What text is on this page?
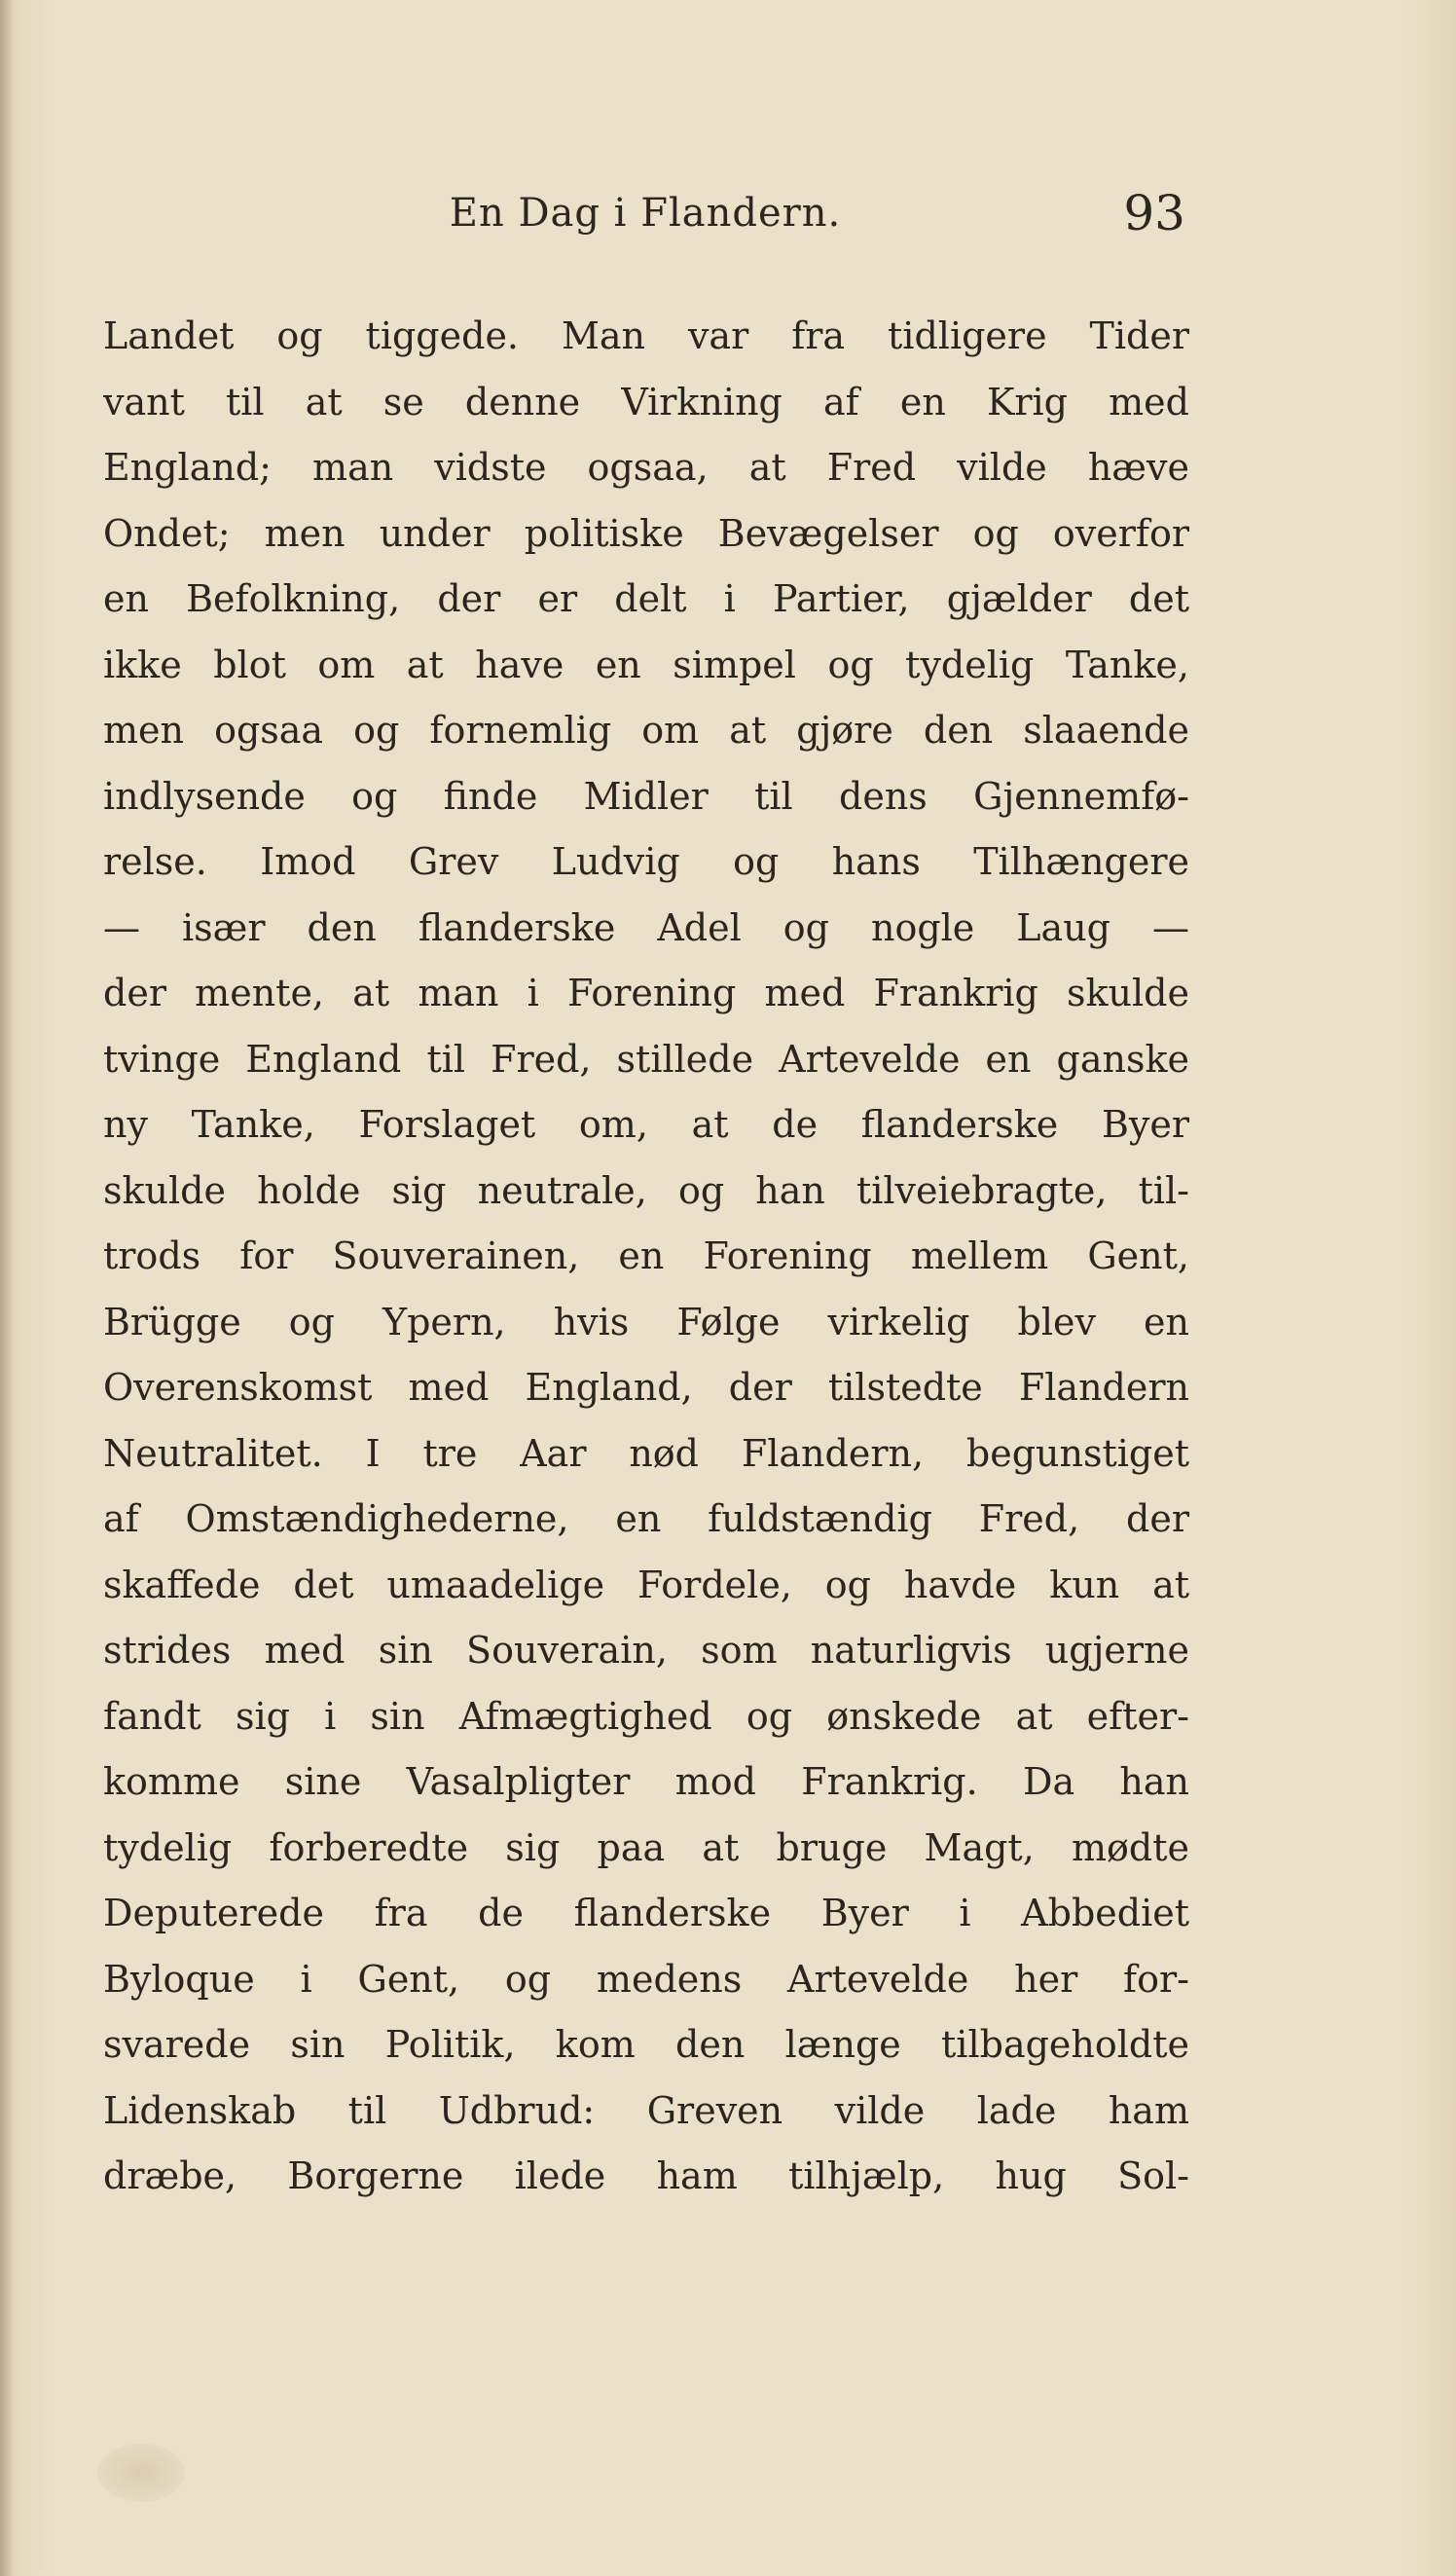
En Dag i Flandern.	93
Landet og tiggede. Man var fra tidligere Tider
vant til at se denne Virkning af en Krig med
England; man vidste ogsaa, at Fred vilde hæve
Ondet; men under politiske Bevægelser og overfor
en Befolkning, der er delt i Partier, gjælder det
ikke blot om at have en simpel og tydelig Tanke,
men ogsaa og fornemlig om at gjøre den slaaende
indlysende og finde Midler til dens Gjennemfø-
relse. Imod Grev Ludvig og hans Tilhængere
— især den flanderske Adel og nogle Laug —
der mente, at man i Forening med Frankrig skulde
tvinge England til Fred, stillede Artevelde en ganske
ny Tanke, Forslaget om, at de flanderske Byer
skulde holde sig neutrale, og han tilveiebragte, til-
trods for Souverainen, en Forening mellem Gent,
Brügge og Ypern, hvis Følge virkelig blev en
Overenskomst med England, der tilstedte Flandern
Neutralitet. I tre Aar nød Flandern, begunstiget
af Omstændighederne, en fuldstændig Fred, der
skaffede det umaadelige Fordele, og havde kun at
strides med sin Souverain, som naturligvis ugjerne
fandt sig i sin Afmægtighed og ønskede at efter-
komme sine Vasalpligter mod Frankrig. Da han
tydelig forberedte sig paa at bruge Magt, mødte
Deputerede fra de flanderske Byer i Abbediet
Byloque i Gent, og medens Artevelde her for-
svarede sin Politik, kom den længe tilbageholdte
Lidenskab til Udbrud: Greven vilde lade ham
dræbe, Borgerne ilede ham tilhjælp, hug Sol-
